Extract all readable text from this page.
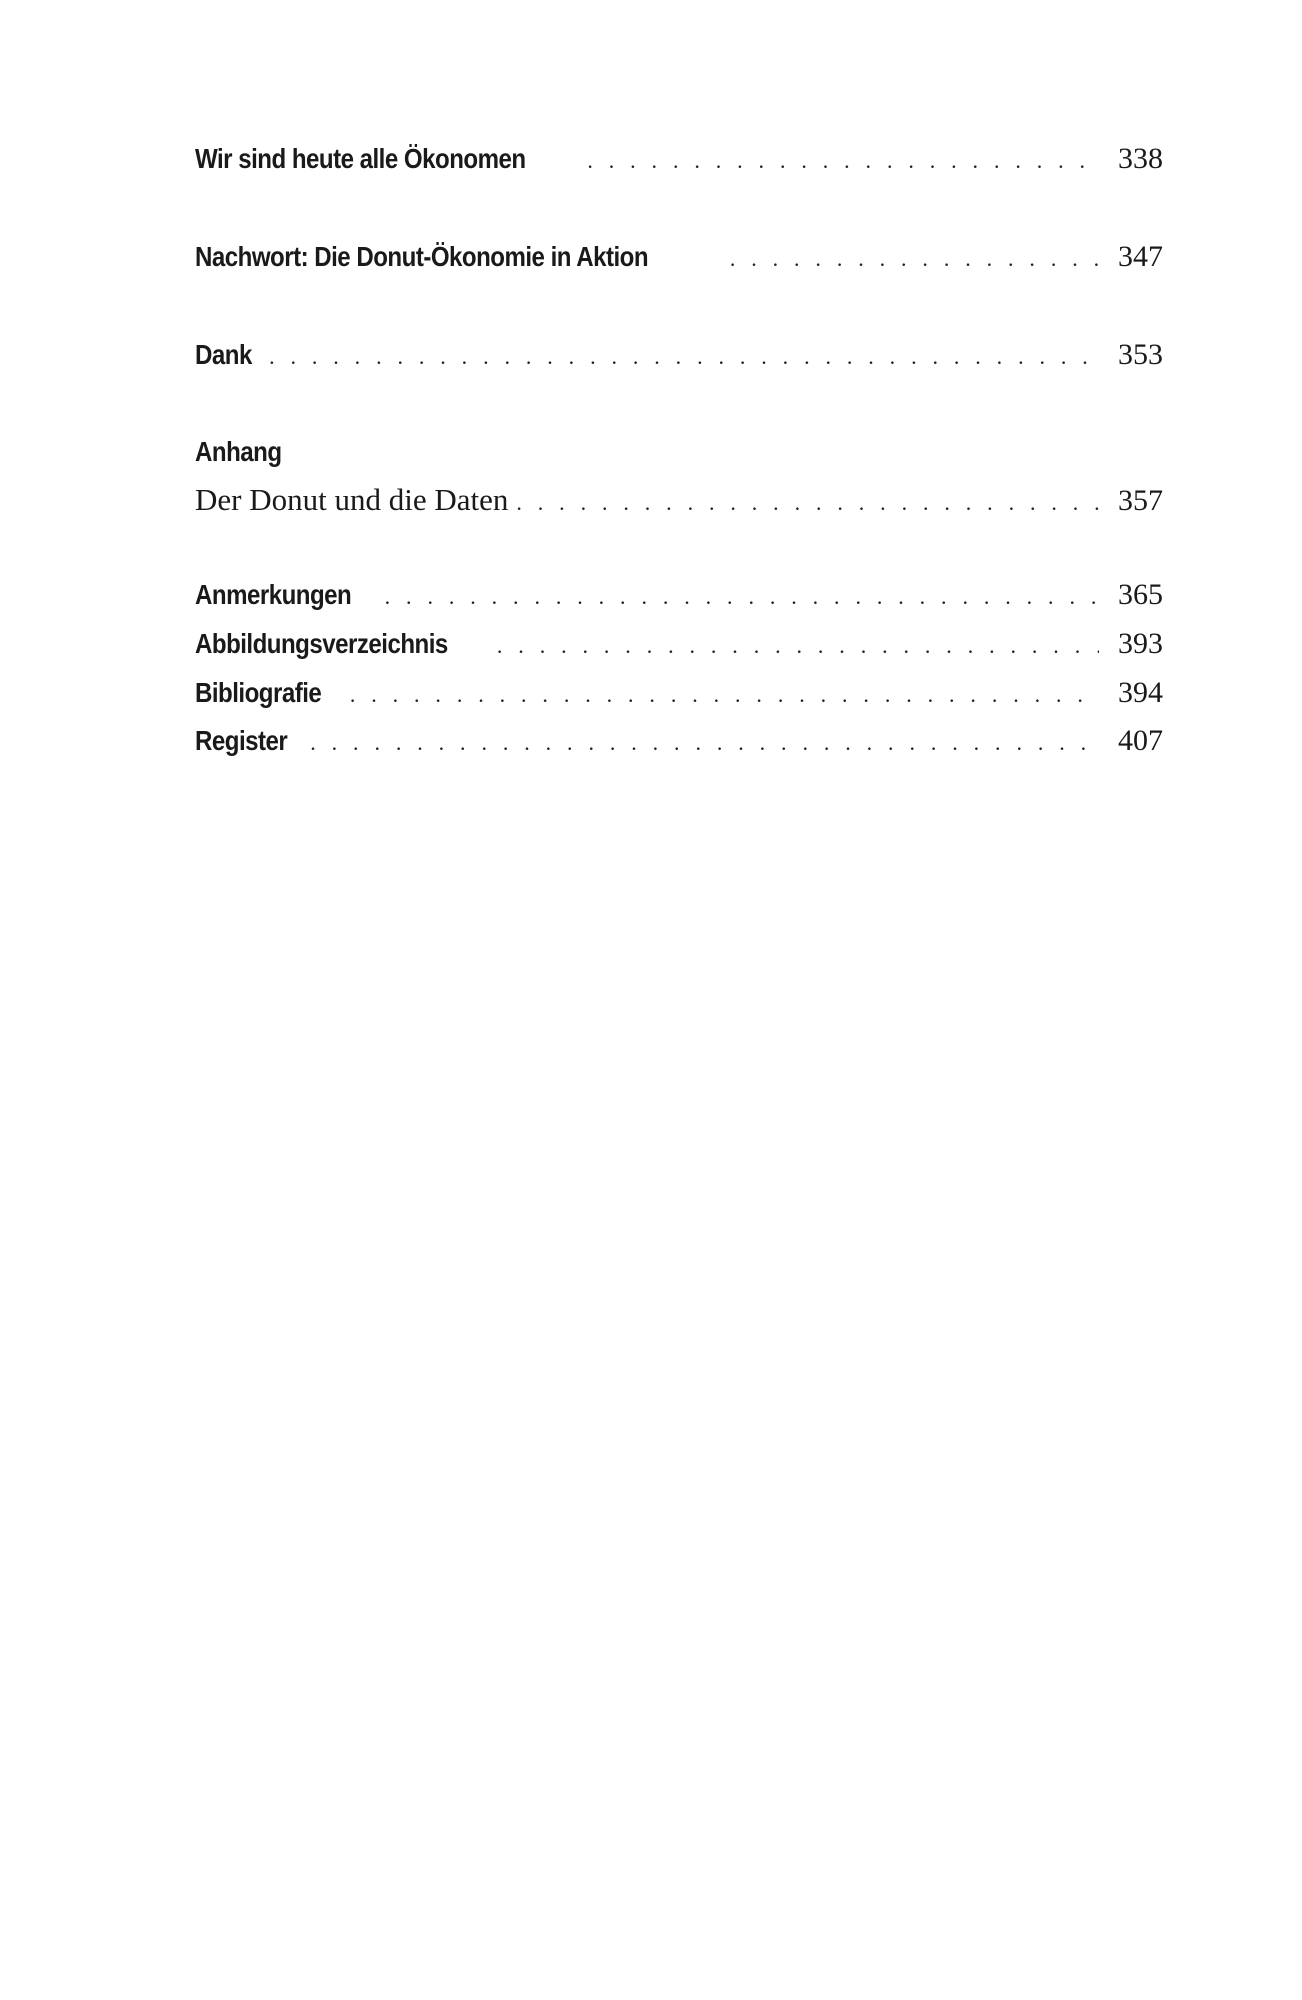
Wir sind heute alle Ökonomen . . .	338
Nachwort: Die Donut-Ökonomie in Aktion . . .	347
Dank . . .	353
Anhang
Der Donut und die Daten . . .	357
Anmerkungen . . .	365
Abbildungsverzeichnis . . .	393
Bibliografie . . .	394
Register . . .	407
